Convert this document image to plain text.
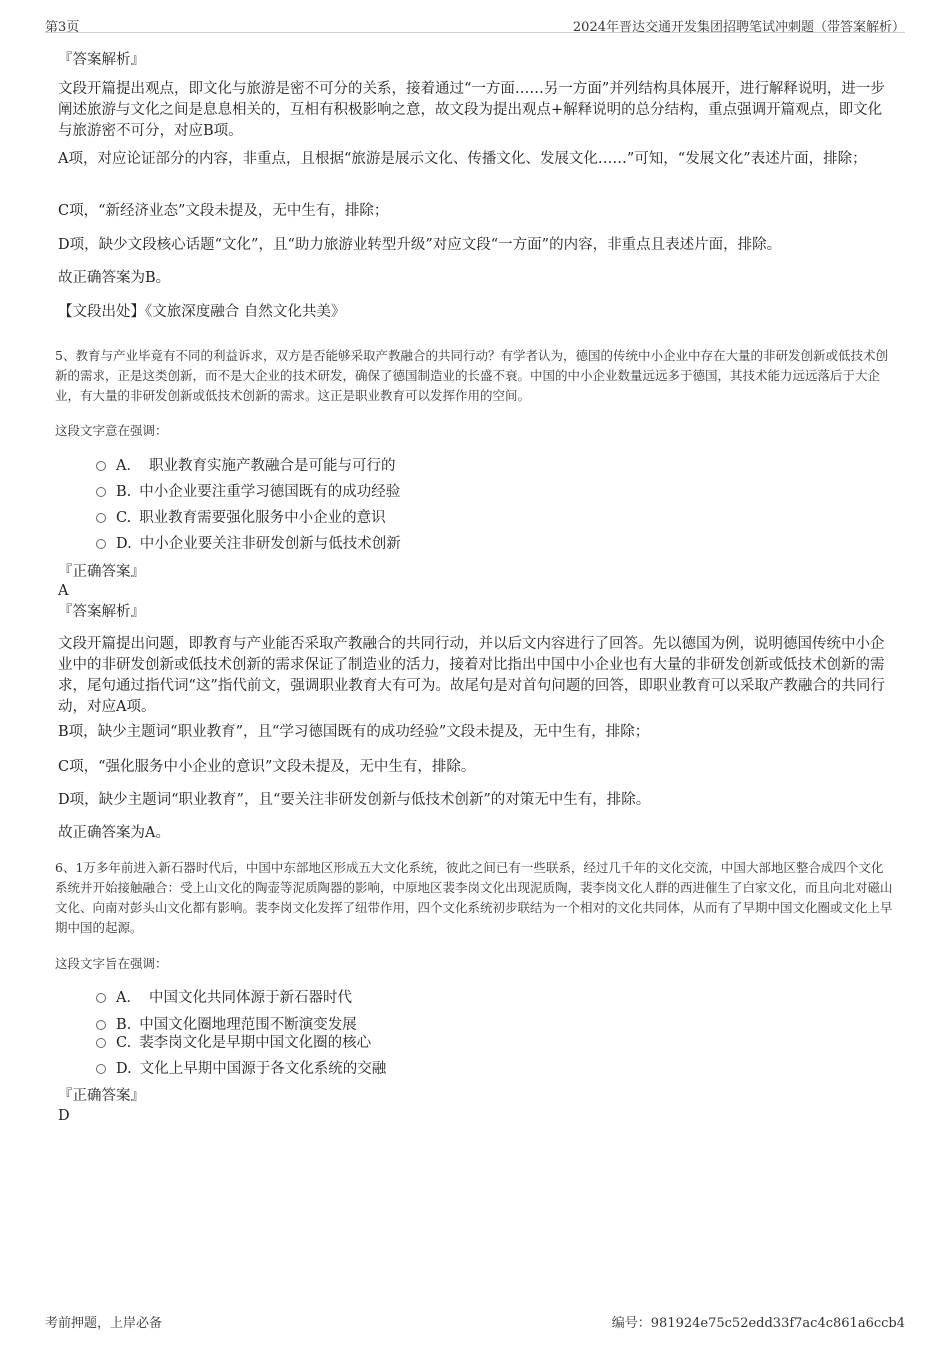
第3页	2024年晋达交通开发集团招聘笔试冲刺题（带答案解析）
『答案解析』

文段开篇提出观点，即文化与旅游是密不可分的关系，接着通过“一方面……另一方面”并列结构具体展开，进行解释说明，进一步阐述旅游与文化之间是息息相关的，互相有积极影响之意，故文段为提出观点+解释说明的总分结构，重点强调开篇观点，即文化与旅游密不可分，对应B项。

A项，对应论证部分的内容，非重点，且根据“旅游是展示文化、传播文化、发展文化……”可知，“发展文化”表述片面，排除；

C项，“新经济业态”文段未提及，无中生有，排除；

D项，缺少文段核心话题“文化”，且“助力旅游业转型升级”对应文段“一方面”的内容，非重点且表述片面，排除。

故正确答案为B。

【文段出处】《文旅深度融合 自然文化共美》

5、教育与产业毕竟有不同的利益诉求，双方是否能够采取产教融合的共同行动？有学者认为，德国的传统中小企业中存在大量的非研发创新或低技术创新的需求，正是这类创新，而不是大企业的技术研发，确保了德国制造业的长盛不衰。中国的中小企业数量远远多于德国，其技术能力远远落后于大企业，有大量的非研发创新或低技术创新的需求。这正是职业教育可以发挥作用的空间。

这段文字意在强调：

A． 职业教育实施产教融合是可能与可行的
B. 中小企业要注重学习德国既有的成功经验
C. 职业教育需要强化服务中小企业的意识
D. 中小企业要关注非研发创新与低技术创新
『正确答案』
A
『答案解析』

文段开篇提出问题，即教育与产业能否采取产教融合的共同行动，并以后文内容进行了回答。先以德国为例，说明德国传统中小企业中的非研发创新或低技术创新的需求保证了制造业的活力，接着对比指出中国中小企业也有大量的非研发创新或低技术创新的需求，尾句通过指代词“这”指代前文，强调职业教育大有可为。故尾句是对首句问题的回答，即职业教育可以采取产教融合的共同行动，对应A项。

B项，缺少主题词“职业教育”，且“学习德国既有的成功经验”文段未提及，无中生有，排除；

C项，“强化服务中小企业的意识”文段未提及，无中生有，排除。

D项，缺少主题词“职业教育”，且“要关注非研发创新与低技术创新”的对策无中生有，排除。

故正确答案为A。

6、1万多年前进入新石器时代后，中国中东部地区形成五大文化系统，彼此之间已有一些联系，经过几千年的文化交流，中国大部地区整合成四个文化系统并开始接触融合：受上山文化的陶壶等泥质陶器的影响，中原地区裴李岗文化出现泥质陶，裴李岗文化人群的西进催生了白家文化，而且向北对磁山文化、向南对彭头山文化都有影响。裴李岗文化发挥了纽带作用，四个文化系统初步联结为一个相对的文化共同体，从而有了早期中国文化圈或文化上早期中国的起源。

这段文字旨在强调：

A． 中国文化共同体源于新石器时代
B. 中国文化圈地理范围不断演变发展
C. 裴李岗文化是早期中国文化圈的核心
D. 文化上早期中国源于各文化系统的交融
『正确答案』
D
考前押题，上岸必备	编号：981924e75c52edd33f7ac4c861a6ccb4
